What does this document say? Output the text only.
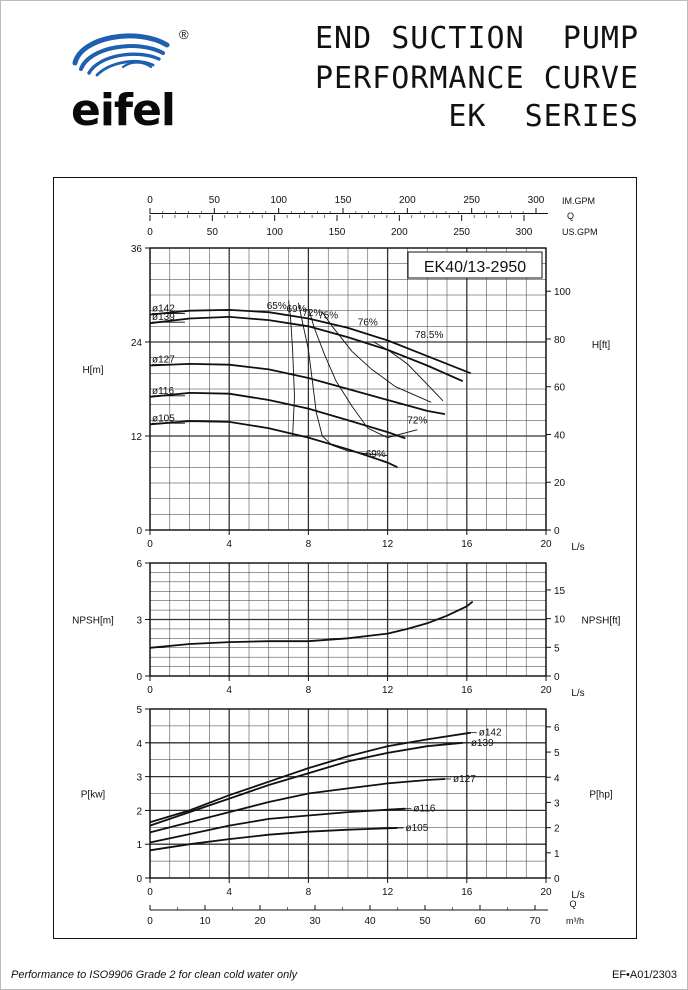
®
eifel
END SUCTION  PUMP
PERFORMANCE CURVE
EK  SERIES
0
12
24
36
0
20
40
60
80
100
0	4	8	12	16	20 L/s
H[m]
H[ft]
ø142
ø139
ø127
ø116
ø105
65% 69%
72%
75%
76%
78.5%
72%
69%
EK40/13-2950
0
0
50
50
100
100
150
150
200
200
250
250
300
300
IM.GPM
Q
US.GPM
0
3
6
0
5
10
15
0	4	8	12	16	20 L/s
NPSH[m]	NPSH[ft]
0
1
2
3
4
5
0
1
2
3
4
5
6
0	4	8	12	16	20 L/s
P[kw]	P[hp]
ø142
ø139
ø127
ø116
ø105
0	10	20	30	40	50	60	70
Q
m³/h
Performance to ISO9906 Grade 2 for clean cold water only	EF•A01/2303
